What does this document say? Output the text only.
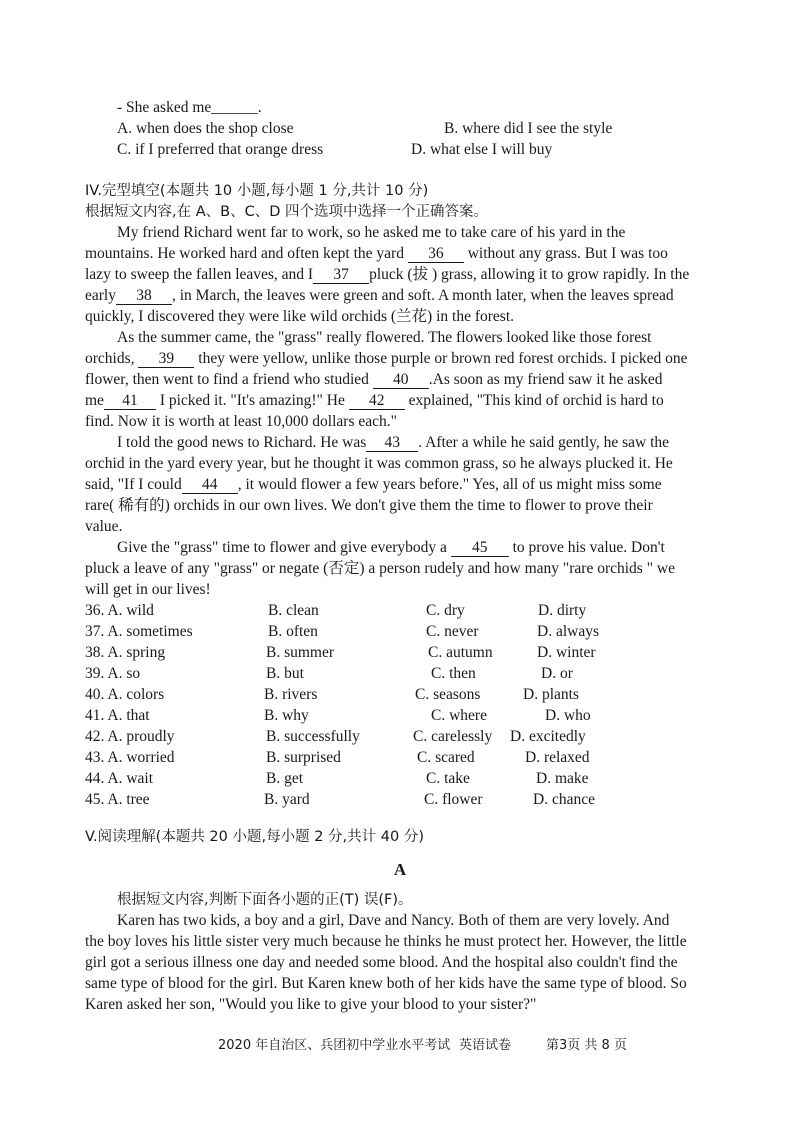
- She asked me______.
A. when does the shop close	B. where did I see the style
C. if I preferred that orange dress	D. what else I will buy
IV.完型填空(本题共 10 小题,每小题 1 分,共计 10 分)
根据短文内容,在 A、B、C、D 四个选项中选择一个正确答案。
My friend Richard went far to work, so he asked me to take care of his yard in the
mountains. He worked hard and often kept the yard 36 without any grass. But I was too
lazy to sweep the fallen leaves, and I 37 pluck (拔 ) grass, allowing it to grow rapidly. In the
early 38 , in March, the leaves were green and soft. A month later, when the leaves spread
quickly, I discovered they were like wild orchids (兰花) in the forest.
As the summer came, the "grass" really flowered. The flowers looked like those forest
orchids, 39 they were yellow, unlike those purple or brown red forest orchids. I picked one
flower, then went to find a friend who studied 40 .As soon as my friend saw it he asked
me 41 I picked it. "It's amazing!" He 42 explained, "This kind of orchid is hard to
find. Now it is worth at least 10,000 dollars each."
I told the good news to Richard. He was 43 . After a while he said gently, he saw the
orchid in the yard every year, but he thought it was common grass, so he always plucked it. He
said, "If I could 44 , it would flower a few years before." Yes, all of us might miss some
rare( 稀有的) orchids in our own lives. We don't give them the time to flower to prove their
value.
Give the "grass" time to flower and give everybody a 45 to prove his value. Don't
pluck a leave of any "grass" or negate (否定) a person rudely and how many "rare orchids " we
will get in our lives!
36. A. wild	B. clean	C. dry	D. dirty
37. A. sometimes	B. often	C. never	D. always
38. A. spring	B. summer	C. autumn	D. winter
39. A. so	B. but	C. then	D. or
40. A. colors	B. rivers	C. seasons	D. plants
41. A. that	B. why	C. where	D. who
42. A. proudly	B. successfully	C. carelessly D. excitedly
43. A. worried	B. surprised	C. scared	D. relaxed
44. A. wait	B. get	C. take	D. make
45. A. tree	B. yard	C. flower	D. chance
V.阅读理解(本题共 20 小题,每小题 2 分,共计 40 分)
A
根据短文内容,判断下面各小题的正(T) 误(F)。
Karen has two kids, a boy and a girl, Dave and Nancy. Both of them are very lovely. And
the boy loves his little sister very much because he thinks he must protect her. However, the little
girl got a serious illness one day and needed some blood. And the hospital also couldn't find the
same type of blood for the girl. But Karen knew both of her kids have the same type of blood. So
Karen asked her son, "Would you like to give your blood to your sister?"
2020 年自治区、兵团初中学业水平考试 英语试卷	第3页 共 8 页
